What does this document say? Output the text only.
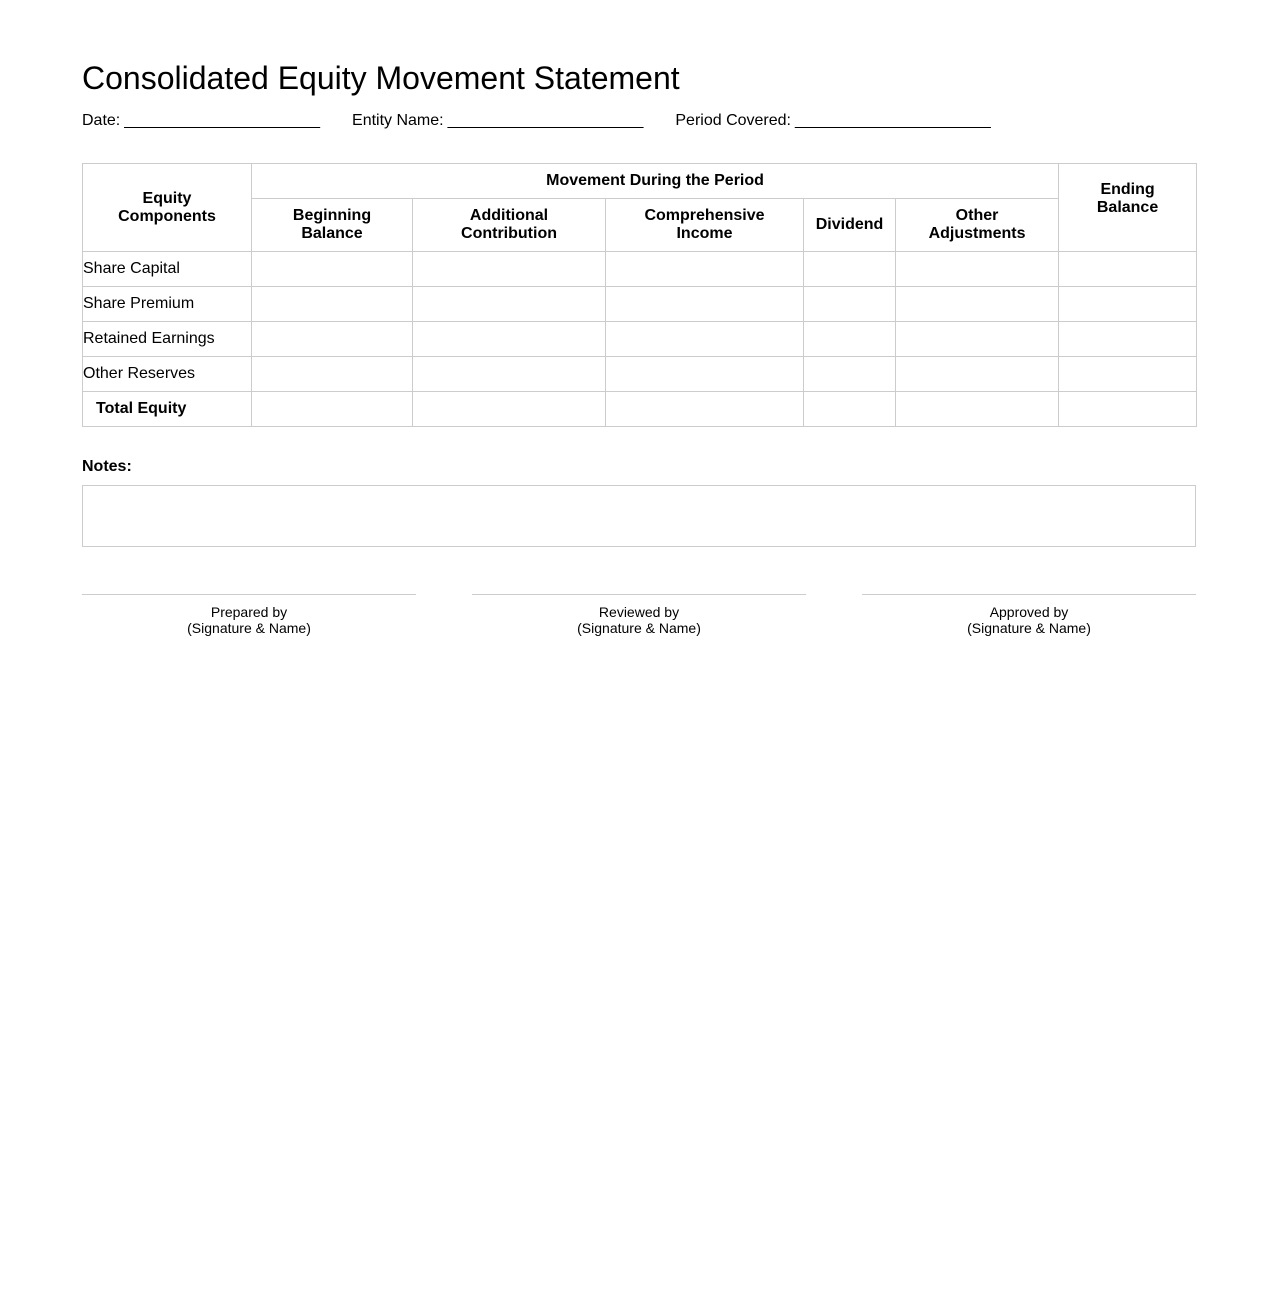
Consolidated Equity Movement Statement
Date: ______________________ Entity Name: ______________________ Period Covered: ______________________
Equity Components	Movement During the Period					Ending Balance
	Beginning Balance	Additional Contribution	Comprehensive Income	Dividend	Other Adjustments	
Share Capital						
Share Premium						
Retained Earnings						
Other Reserves						
Total Equity						
Notes:
Prepared by
(Signature & Name)
Reviewed by
(Signature & Name)
Approved by
(Signature & Name)
